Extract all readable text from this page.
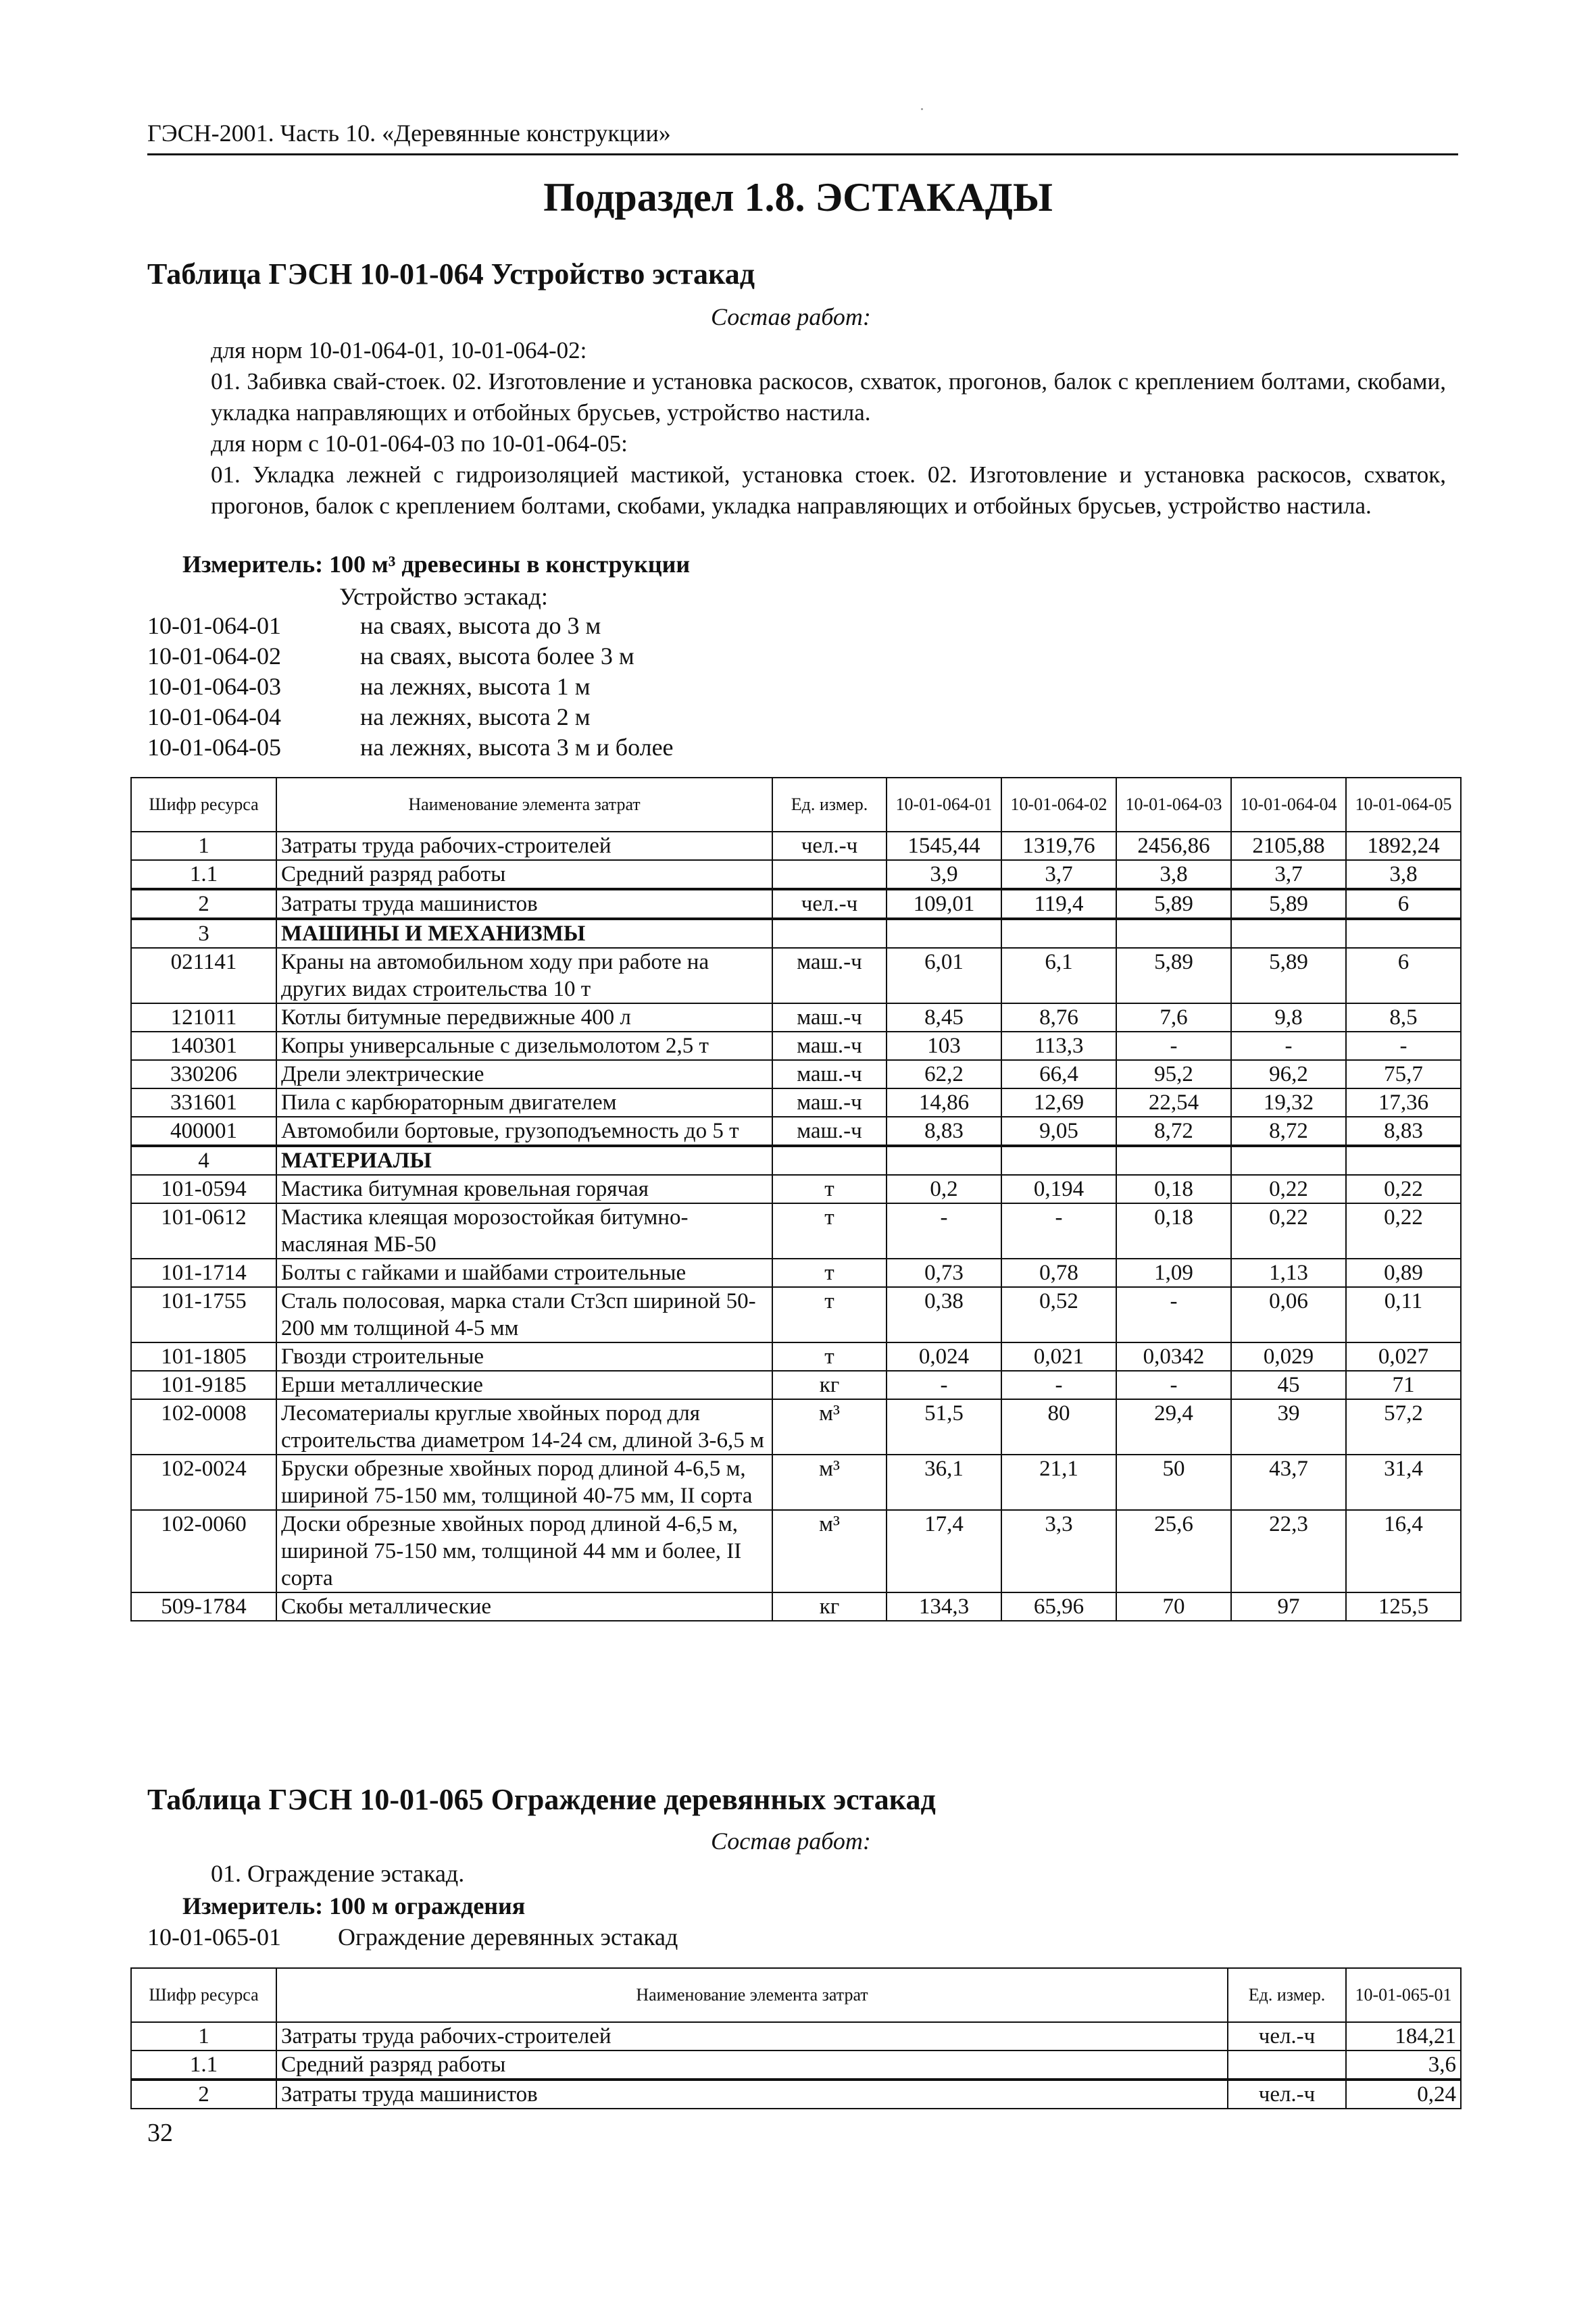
ГЭСН-2001. Часть 10. «Деревянные конструкции»
Подраздел 1.8. ЭСТАКАДЫ
Таблица ГЭСН 10-01-064 Устройство эстакад
Состав работ:

для норм 10-01-064-01, 10-01-064-02:

01. Забивка свай-стоек. 02. Изготовление и установка раскосов, схваток, прогонов, балок с креплением болтами, скобами, укладка направляющих и отбойных брусьев, устройство настила.

для норм с 10-01-064-03 по 10-01-064-05:

01. Укладка лежней с гидроизоляцией мастикой, установка стоек. 02. Изготовление и установка раскосов, схваток, прогонов, балок с креплением болтами, скобами, укладка направляющих и отбойных брусьев, устройство настила.

Измеритель: 100 м³ древесины в конструкции
Устройство эстакад:
10-01-064-01	на сваях, высота до 3 м
10-01-064-02	на сваях, высота более 3 м
10-01-064-03	на лежнях, высота 1 м
10-01-064-04	на лежнях, высота 2 м
10-01-064-05	на лежнях, высота 3 м и более
Шифр ресурса	Наименование элемента затрат	Ед. измер.	10-01-064-01	10-01-064-02	10-01-064-03	10-01-064-04	10-01-064-05
1	Затраты труда рабочих-строителей	чел.-ч	1545,44	1319,76	2456,86	2105,88	1892,24
1.1	Средний разряд работы		3,9	3,7	3,8	3,7	3,8
2	Затраты труда машинистов	чел.-ч	109,01	119,4	5,89	5,89	6
3	МАШИНЫ И МЕХАНИЗМЫ						
021141	Краны на автомобильном ходу при работе на других видах строительства 10 т	маш.-ч	6,01	6,1	5,89	5,89	6
121011	Котлы битумные передвижные 400 л	маш.-ч	8,45	8,76	7,6	9,8	8,5
140301	Копры универсальные с дизельмолотом 2,5 т	маш.-ч	103	113,3	-	-	-
330206	Дрели электрические	маш.-ч	62,2	66,4	95,2	96,2	75,7
331601	Пила с карбюраторным двигателем	маш.-ч	14,86	12,69	22,54	19,32	17,36
400001	Автомобили бортовые, грузоподъемность до 5 т	маш.-ч	8,83	9,05	8,72	8,72	8,83
4	МАТЕРИАЛЫ						
101-0594	Мастика битумная кровельная горячая	т	0,2	0,194	0,18	0,22	0,22
101-0612	Мастика клеящая морозостойкая битумно-масляная МБ-50	т	-	-	0,18	0,22	0,22
101-1714	Болты с гайками и шайбами строительные	т	0,73	0,78	1,09	1,13	0,89
101-1755	Сталь полосовая, марка стали Ст3сп шириной 50-200 мм толщиной 4-5 мм	т	0,38	0,52	-	0,06	0,11
101-1805	Гвозди строительные	т	0,024	0,021	0,0342	0,029	0,027
101-9185	Ерши металлические	кг	-	-	-	45	71
102-0008	Лесоматериалы круглые хвойных пород для строительства диаметром 14-24 см, длиной 3-6,5 м	м³	51,5	80	29,4	39	57,2
102-0024	Бруски обрезные хвойных пород длиной 4-6,5 м, шириной 75-150 мм, толщиной 40-75 мм, II сорта	м³	36,1	21,1	50	43,7	31,4
102-0060	Доски обрезные хвойных пород длиной 4-6,5 м, шириной 75-150 мм, толщиной 44 мм и более, II сорта	м³	17,4	3,3	25,6	22,3	16,4
509-1784	Скобы металлические	кг	134,3	65,96	70	97	125,5
Таблица ГЭСН 10-01-065 Ограждение деревянных эстакад
Состав работ:
01. Ограждение эстакад.
Измеритель: 100 м ограждения
10-01-065-01 Ограждение деревянных эстакад
Шифр ресурса	Наименование элемента затрат	Ед. измер.	10-01-065-01
1	Затраты труда рабочих-строителей	чел.-ч	184,21
1.1	Средний разряд работы		3,6
2	Затраты труда машинистов	чел.-ч	0,24
32
